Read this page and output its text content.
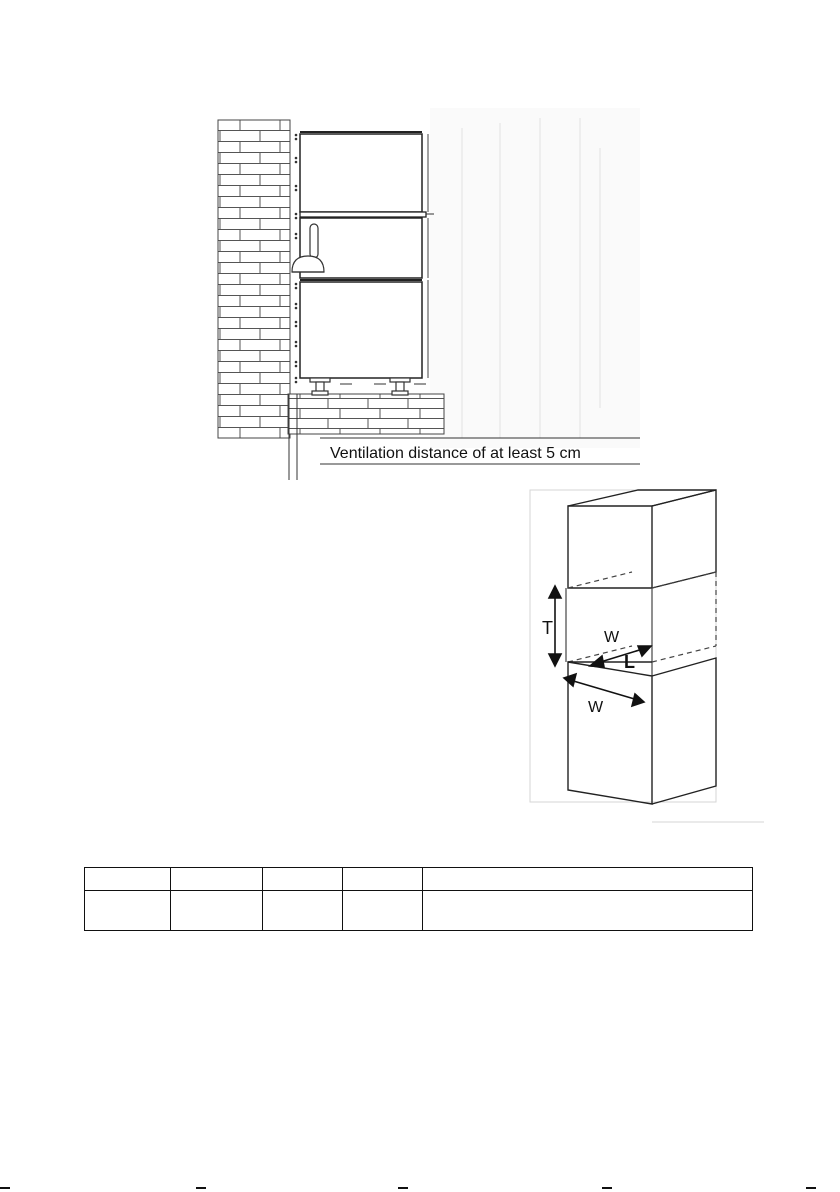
Ventilation distance of at least 5 cm
T	W
L
W
